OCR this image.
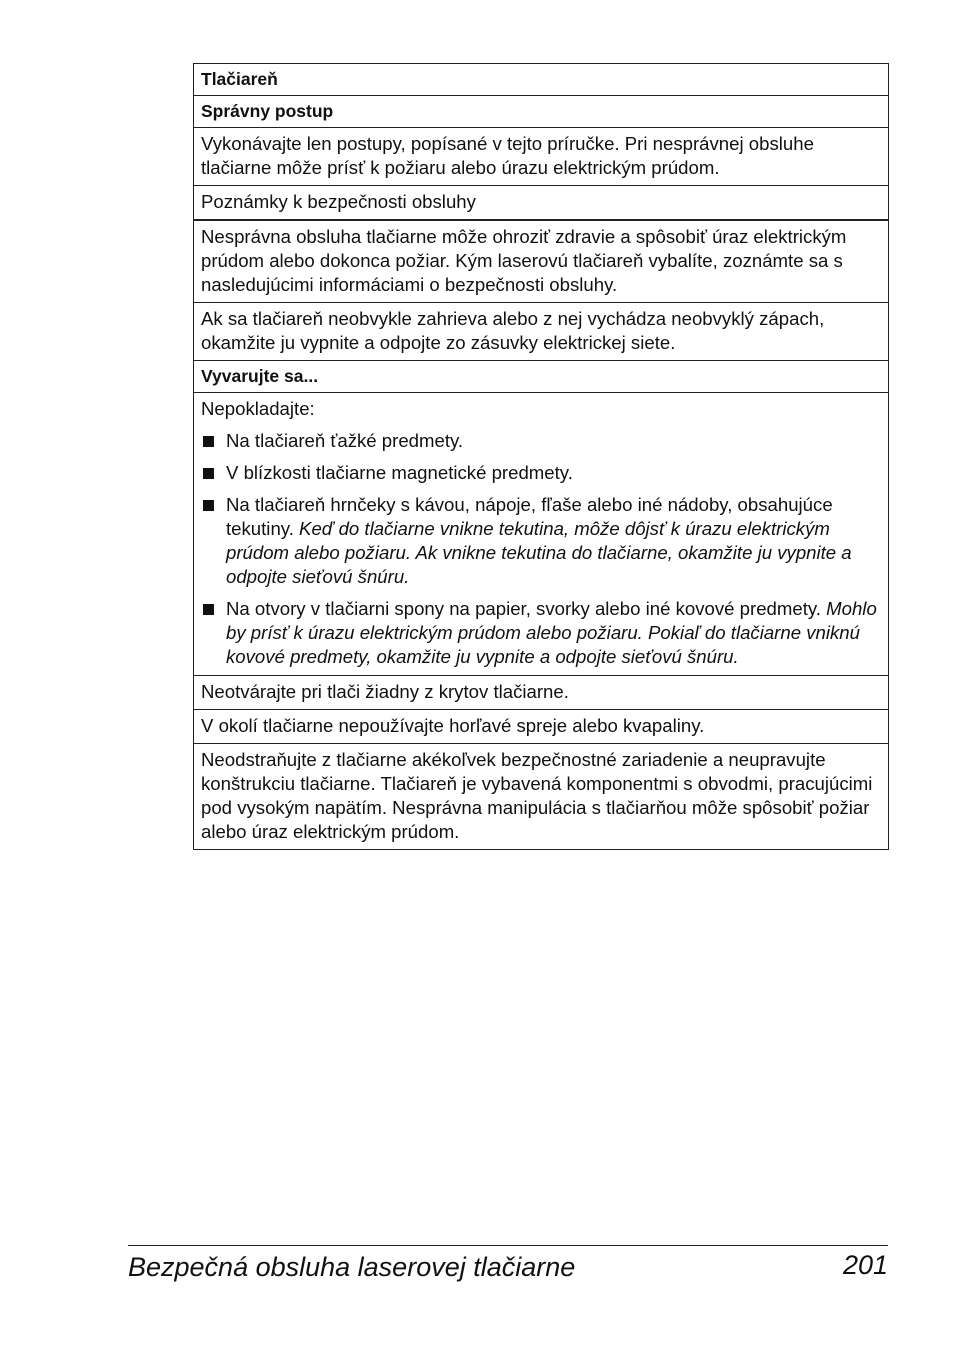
Tlačiareň
Správny postup
Vykonávajte len postupy, popísané v tejto príručke. Pri nesprávnej obsluhe tlačiarne môže prísť k požiaru alebo úrazu elektrickým prúdom.
Poznámky k bezpečnosti obsluhy
Nesprávna obsluha tlačiarne môže ohroziť zdravie a spôsobiť úraz elektrickým prúdom alebo dokonca požiar. Kým laserovú tlačiareň vybalíte, zoznámte sa s nasledujúcimi informáciami o bezpečnosti obsluhy.
Ak sa tlačiareň neobvykle zahrieva alebo z nej vychádza neobvyklý zápach, okamžite ju vypnite a odpojte zo zásuvky elektrickej siete.
Vyvarujte sa...

Nepokladajte:

Na tlačiareň ťažké predmety.
V blízkosti tlačiarne magnetické predmety.
Na tlačiareň hrnčeky s kávou, nápoje, fľaše alebo iné nádoby, obsahujúce tekutiny. Keď do tlačiarne vnikne tekutina, môže dôjsť k úrazu elektrickým prúdom alebo požiaru. Ak vnikne tekutina do tlačiarne, okamžite ju vypnite a odpojte sieťovú šnúru.
Na otvory v tlačiarni spony na papier, svorky alebo iné kovové predmety. Mohlo by prísť k úrazu elektrickým prúdom alebo požiaru. Pokiaľ do tlačiarne vniknú kovové predmety, okamžite ju vypnite a odpojte sieťovú šnúru.
Neotvárajte pri tlači žiadny z krytov tlačiarne.
V okolí tlačiarne nepoužívajte horľavé spreje alebo kvapaliny.
Neodstraňujte z tlačiarne akékoľvek bezpečnostné zariadenie a neupravujte konštrukciu tlačiarne. Tlačiareň je vybavená komponentmi s obvodmi, pracujúcimi pod vysokým napätím. Nesprávna manipulácia s tlačiarňou môže spôsobiť požiar alebo úraz elektrickým prúdom.
Bezpečná obsluha laserovej tlačiarne	201
